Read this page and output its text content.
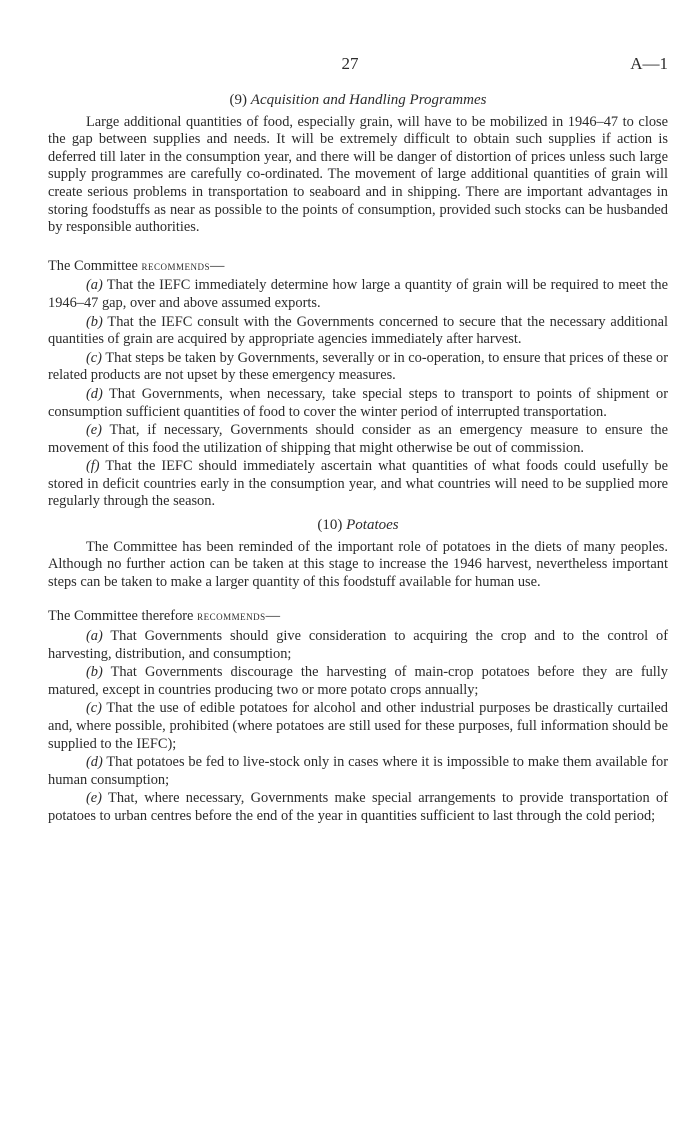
27	A—1
(9) Acquisition and Handling Programmes

Large additional quantities of food, especially grain, will have to be mobilized in 1946–47 to close the gap between supplies and needs. It will be extremely difficult to obtain such supplies if action is deferred till later in the consumption year, and there will be danger of distortion of prices unless such large supply programmes are carefully co-ordinated. The movement of large additional quantities of grain will create serious problems in transportation to seaboard and in shipping. There are important advantages in storing foodstuffs as near as possible to the points of consumption, provided such stocks can be husbanded by responsible authorities.

The Committee recommends—

(a) That the IEFC immediately determine how large a quantity of grain will be required to meet the 1946–47 gap, over and above assumed exports.

(b) That the IEFC consult with the Governments concerned to secure that the necessary additional quantities of grain are acquired by appropriate agencies immediately after harvest.

(c) That steps be taken by Governments, severally or in co-operation, to ensure that prices of these or related products are not upset by these emergency measures.

(d) That Governments, when necessary, take special steps to transport to points of shipment or consumption sufficient quantities of food to cover the winter period of interrupted transportation.

(e) That, if necessary, Governments should consider as an emergency measure to ensure the movement of this food the utilization of shipping that might otherwise be out of commission.

(f) That the IEFC should immediately ascertain what quantities of what foods could usefully be stored in deficit countries early in the consumption year, and what countries will need to be supplied more regularly through the season.

(10) Potatoes

The Committee has been reminded of the important role of potatoes in the diets of many peoples. Although no further action can be taken at this stage to increase the 1946 harvest, nevertheless important steps can be taken to make a larger quantity of this foodstuff available for human use.

The Committee therefore recommends—

(a) That Governments should give consideration to acquiring the crop and to the control of harvesting, distribution, and consumption;

(b) That Governments discourage the harvesting of main-crop potatoes before they are fully matured, except in countries producing two or more potato crops annually;

(c) That the use of edible potatoes for alcohol and other industrial purposes be drastically curtailed and, where possible, prohibited (where potatoes are still used for these purposes, full information should be supplied to the IEFC);

(d) That potatoes be fed to live-stock only in cases where it is impossible to make them available for human consumption;

(e) That, where necessary, Governments make special arrangements to provide transportation of potatoes to urban centres before the end of the year in quantities sufficient to last through the cold period;
